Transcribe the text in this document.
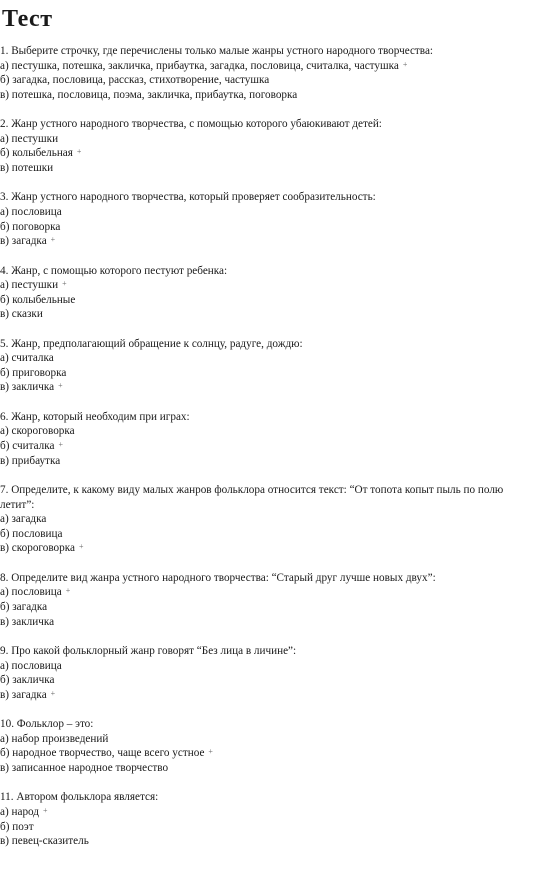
Тест
1. Выберите строчку, где перечислены только малые жанры устного народного творчества:
а) пестушка, потешка, закличка, прибаутка, загадка, пословица, считалка, частушка +
б) загадка, пословица, рассказ, стихотворение, частушка
в) потешка, пословица, поэма, закличка, прибаутка, поговорка
2. Жанр устного народного творчества, с помощью которого убаюкивают детей:
а) пестушки
б) колыбельная +
в) потешки
3. Жанр устного народного творчества, который проверяет сообразительность:
а) пословица
б) поговорка
в) загадка +
4. Жанр, с помощью которого пестуют ребенка:
а) пестушки +
б) колыбельные
в) сказки
5. Жанр, предполагающий обращение к солнцу, радуге, дождю:
а) считалка
б) приговорка
в) закличка +
6. Жанр, который необходим при играх:
а) скороговорка
б) считалка +
в) прибаутка
7. Определите, к какому виду малых жанров фольклора относится текст: “От топота копыт пыль по полю летит”:
а) загадка
б) пословица
в) скороговорка +
8. Определите вид жанра устного народного творчества: “Старый друг лучше новых двух”:
а) пословица +
б) загадка
в) закличка
9. Про какой фольклорный жанр говорят “Без лица в личине”:
а) пословица
б) закличка
в) загадка +
10. Фольклор – это:
а) набор произведений
б) народное творчество, чаще всего устное +
в) записанное народное творчество
11. Автором фольклора является:
а) народ +
б) поэт
в) певец-сказитель
